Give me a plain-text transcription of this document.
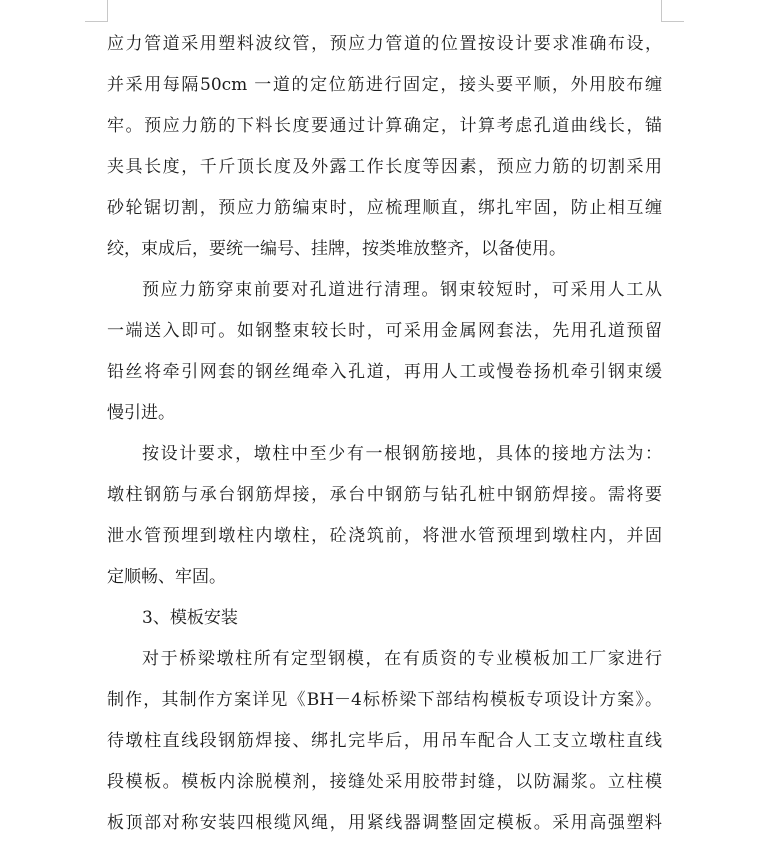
应力管道采用塑料波纹管，预应力管道的位置按设计要求准确布设，
并采用每隔50cm 一道的定位筋进行固定，接头要平顺，外用胶布缠
牢。预应力筋的下料长度要通过计算确定，计算考虑孔道曲线长，锚
夹具长度，千斤顶长度及外露工作长度等因素，预应力筋的切割采用
砂轮锯切割，预应力筋编束时，应梳理顺直，绑扎牢固，防止相互缠
绞，束成后，要统一编号、挂牌，按类堆放整齐，以备使用。
预应力筋穿束前要对孔道进行清理。钢束较短时，可采用人工从
一端送入即可。如钢整束较长时，可采用金属网套法，先用孔道预留
铅丝将牵引网套的钢丝绳牵入孔道，再用人工或慢卷扬机牵引钢束缓
慢引进。
按设计要求，墩柱中至少有一根钢筋接地，具体的接地方法为：
墩柱钢筋与承台钢筋焊接，承台中钢筋与钻孔桩中钢筋焊接。需将要
泄水管预埋到墩柱内墩柱，砼浇筑前，将泄水管预埋到墩柱内，并固
定顺畅、牢固。
3、模板安装
对于桥梁墩柱所有定型钢模，在有质资的专业模板加工厂家进行
制作，其制作方案详见《BH－4标桥梁下部结构模板专项设计方案》。
待墩柱直线段钢筋焊接、绑扎完毕后，用吊车配合人工支立墩柱直线
段模板。模板内涂脱模剂，接缝处采用胶带封缝，以防漏浆。立柱模
板顶部对称安装四根缆风绳，用紧线器调整固定模板。采用高强塑料
